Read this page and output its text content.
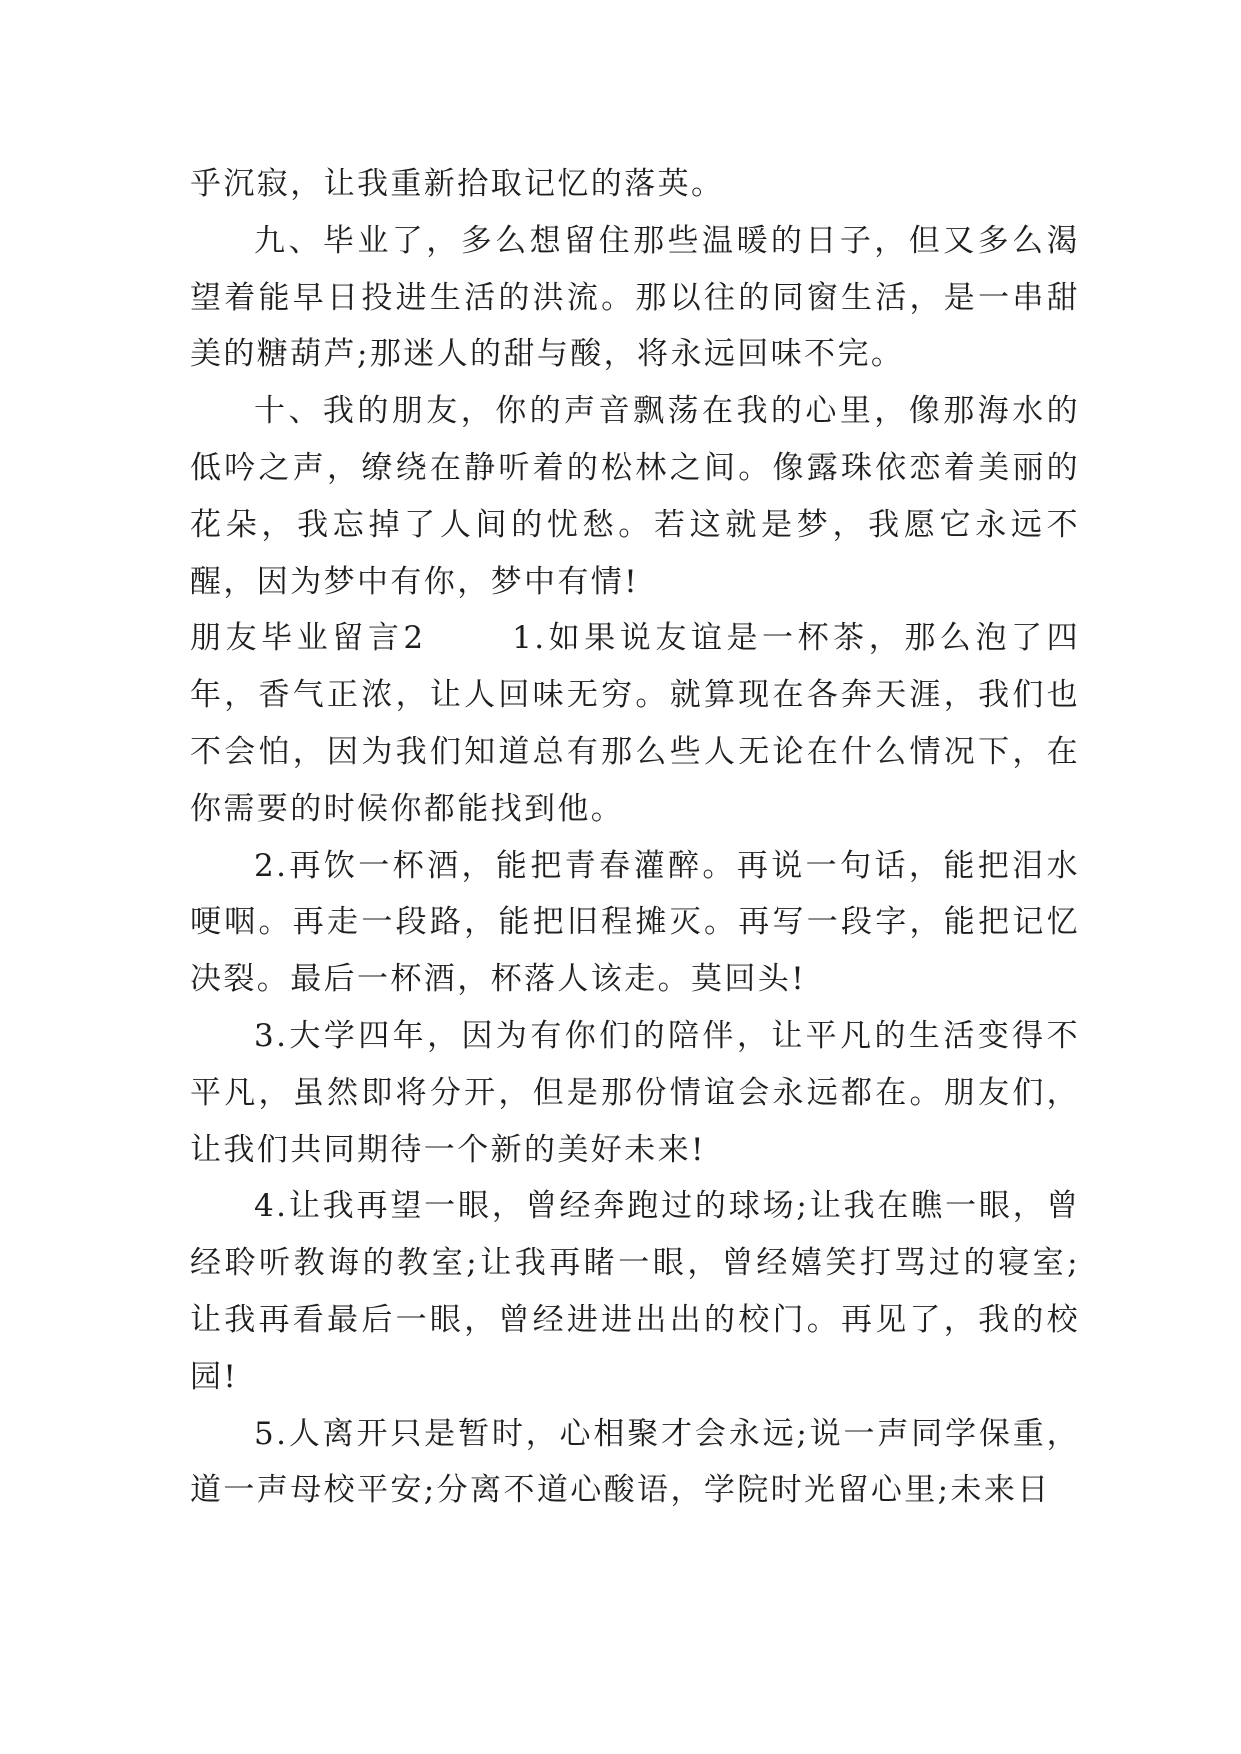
乎沉寂，让我重新拾取记忆的落英。

九、毕业了，多么想留住那些温暖的日子，但又多么渴望着能早日投进生活的洪流。那以往的同窗生活，是一串甜美的糖葫芦;那迷人的甜与酸，将永远回味不完。

十、我的朋友，你的声音飘荡在我的心里，像那海水的低吟之声，缭绕在静听着的松林之间。像露珠依恋着美丽的花朵，我忘掉了人间的忧愁。若这就是梦，我愿它永远不醒，因为梦中有你，梦中有情!

朋友毕业留言2      1.如果说友谊是一杯茶，那么泡了四年，香气正浓，让人回味无穷。就算现在各奔天涯，我们也不会怕，因为我们知道总有那么些人无论在什么情况下，在你需要的时候你都能找到他。

2.再饮一杯酒，能把青春灌醉。再说一句话，能把泪水哽咽。再走一段路，能把旧程摊灭。再写一段字，能把记忆决裂。最后一杯酒，杯落人该走。莫回头!

3.大学四年，因为有你们的陪伴，让平凡的生活变得不平凡，虽然即将分开，但是那份情谊会永远都在。朋友们，让我们共同期待一个新的美好未来!

4.让我再望一眼，曾经奔跑过的球场;让我在瞧一眼，曾经聆听教诲的教室;让我再睹一眼，曾经嬉笑打骂过的寝室;让我再看最后一眼，曾经进进出出的校门。再见了，我的校园!

5.人离开只是暂时，心相聚才会永远;说一声同学保重，道一声母校平安;分离不道心酸语，学院时光留心里;未来日
